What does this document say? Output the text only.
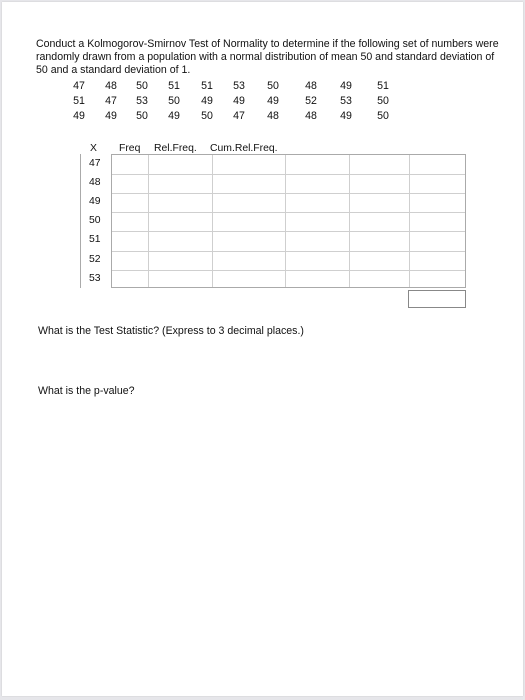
Conduct a Kolmogorov-Smirnov Test of Normality to determine if the following set of numbers were randomly drawn from a population with a normal distribution of mean 50 and standard deviation of 50 and a standard deviation of 1.

47	48	50	51	51	53	50	48	49	51
51	47	53	50	49	49	49	52	53	50
49	49	50	49	50	47	48	48	49	50
X Freq Rel.Freq. Cum.Rel.Freq.
47
48
49
50
51
52
53
What is the Test Statistic? (Express to 3 decimal places.)
What is the p-value?
